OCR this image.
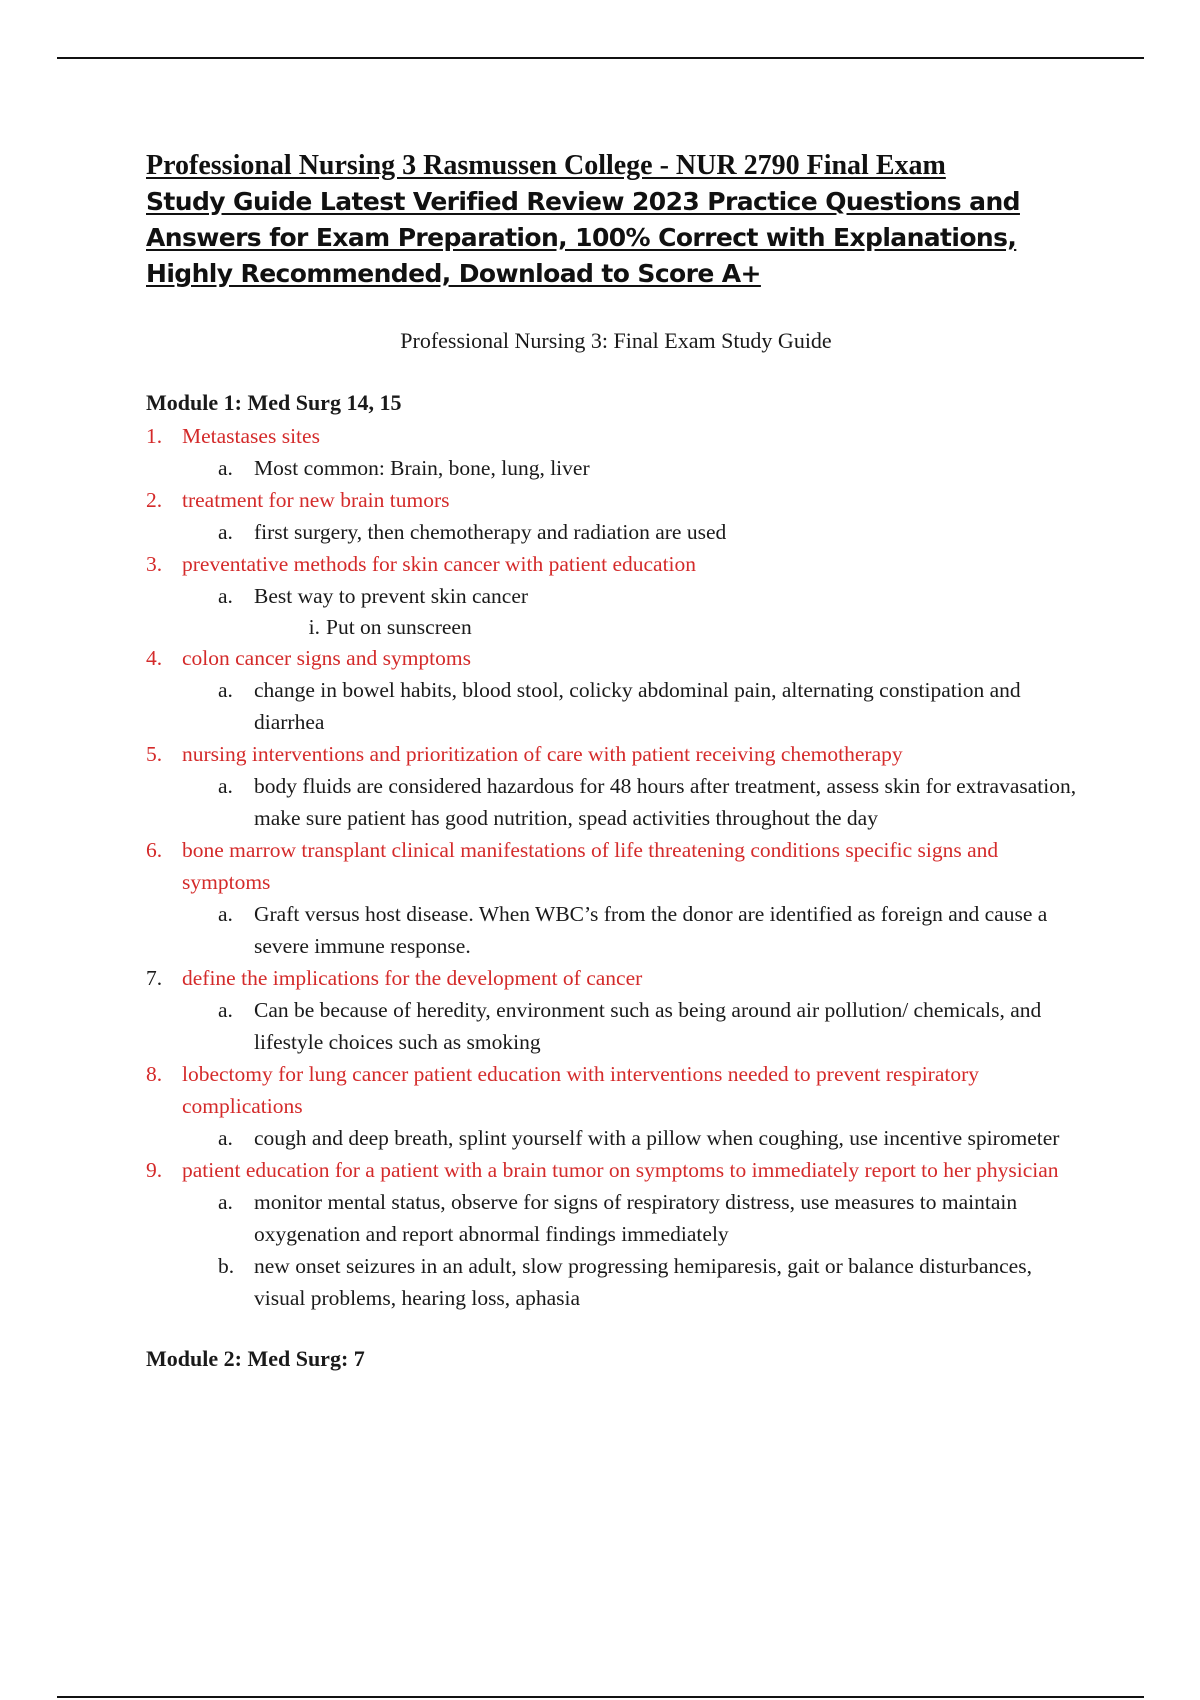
Professional Nursing 3 Rasmussen College - NUR 2790 Final Exam
Study Guide Latest Verified Review 2023 Practice Questions and Answers for Exam Preparation, 100% Correct with Explanations, Highly Recommended, Download to Score A+

Professional Nursing 3: Final Exam Study Guide

Module 1: Med Surg 14, 15

1. Metastases sites
a. Most common: Brain, bone, lung, liver
2. treatment for new brain tumors
a. first surgery, then chemotherapy and radiation are used
3. preventative methods for skin cancer with patient education
a. Best way to prevent skin cancer
i. Put on sunscreen
4. colon cancer signs and symptoms
a. change in bowel habits, blood stool, colicky abdominal pain, alternating constipation and diarrhea
5. nursing interventions and prioritization of care with patient receiving chemotherapy
a. body fluids are considered hazardous for 48 hours after treatment, assess skin for extravasation, make sure patient has good nutrition, spead activities throughout the day
6. bone marrow transplant clinical manifestations of life threatening conditions specific signs and symptoms
a. Graft versus host disease. When WBC’s from the donor are identified as foreign and cause a severe immune response.
7. define the implications for the development of cancer
a. Can be because of heredity, environment such as being around air pollution/ chemicals, and lifestyle choices such as smoking
8. lobectomy for lung cancer patient education with interventions needed to prevent respiratory complications
a. cough and deep breath, splint yourself with a pillow when coughing, use incentive spirometer
9. patient education for a patient with a brain tumor on symptoms to immediately report to her physician
a. monitor mental status, observe for signs of respiratory distress, use measures to maintain oxygenation and report abnormal findings immediately
b. new onset seizures in an adult, slow progressing hemiparesis, gait or balance disturbances, visual problems, hearing loss, aphasia

Module 2: Med Surg: 7
